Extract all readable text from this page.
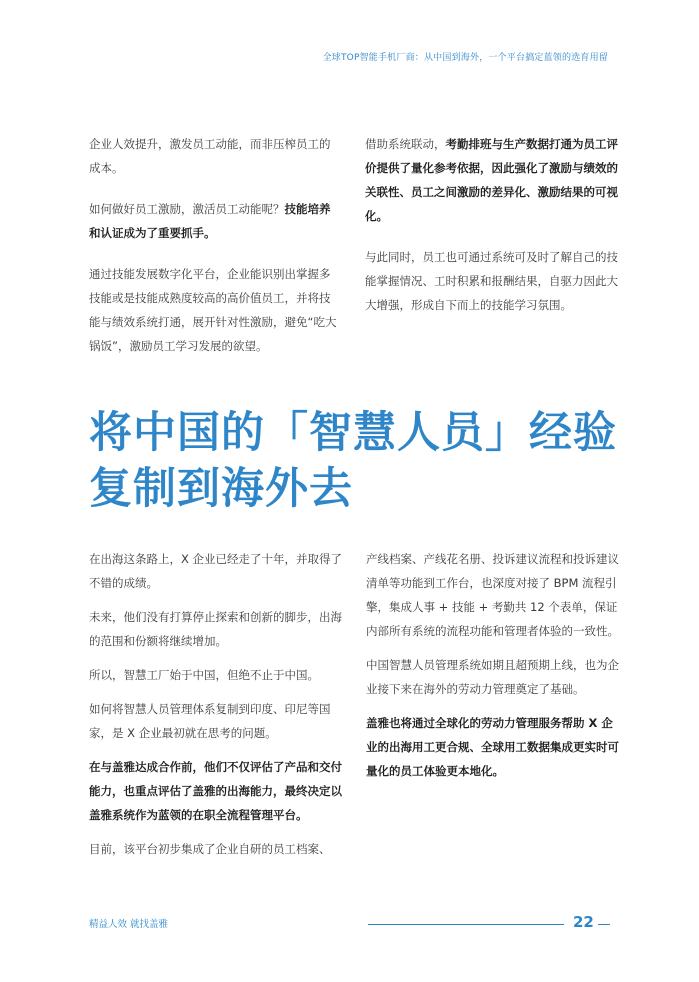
全球TOP智能手机厂商：从中国到海外，一个平台搞定蓝领的选育用留

企业人效提升，激发员工动能，而非压榨员工的成本。

如何做好员工激励，激活员工动能呢？技能培养和认证成为了重要抓手。

通过技能发展数字化平台，企业能识别出掌握多技能或是技能成熟度较高的高价值员工，并将技能与绩效系统打通，展开针对性激励，避免“吃大锅饭”，激励员工学习发展的欲望。

借助系统联动，考勤排班与生产数据打通为员工评价提供了量化参考依据，因此强化了激励与绩效的关联性、员工之间激励的差异化、激励结果的可视化。

与此同时，员工也可通过系统可及时了解自己的技能掌握情况、工时积累和报酬结果，自驱力因此大大增强，形成自下而上的技能学习氛围。

将中国的「智慧人员」经验
复制到海外去

在出海这条路上，X 企业已经走了十年，并取得了不错的成绩。

未来，他们没有打算停止探索和创新的脚步，出海的范围和份额将继续增加。

所以，智慧工厂始于中国，但绝不止于中国。

如何将智慧人员管理体系复制到印度、印尼等国家，是 X 企业最初就在思考的问题。

在与盖雅达成合作前，他们不仅评估了产品和交付能力，也重点评估了盖雅的出海能力，最终决定以盖雅系统作为蓝领的在职全流程管理平台。

目前，该平台初步集成了企业自研的员工档案、

产线档案、产线花名册、投诉建议流程和投诉建议清单等功能到工作台，也深度对接了 BPM 流程引擎，集成人事 + 技能 + 考勤共 12 个表单，保证内部所有系统的流程功能和管理者体验的一致性。

中国智慧人员管理系统如期且超预期上线，也为企业接下来在海外的劳动力管理奠定了基础。

盖雅也将通过全球化的劳动力管理服务帮助 X 企业的出海用工更合规、全球用工数据集成更实时可量化的员工体验更本地化。

精益人效 就找盖雅	22
